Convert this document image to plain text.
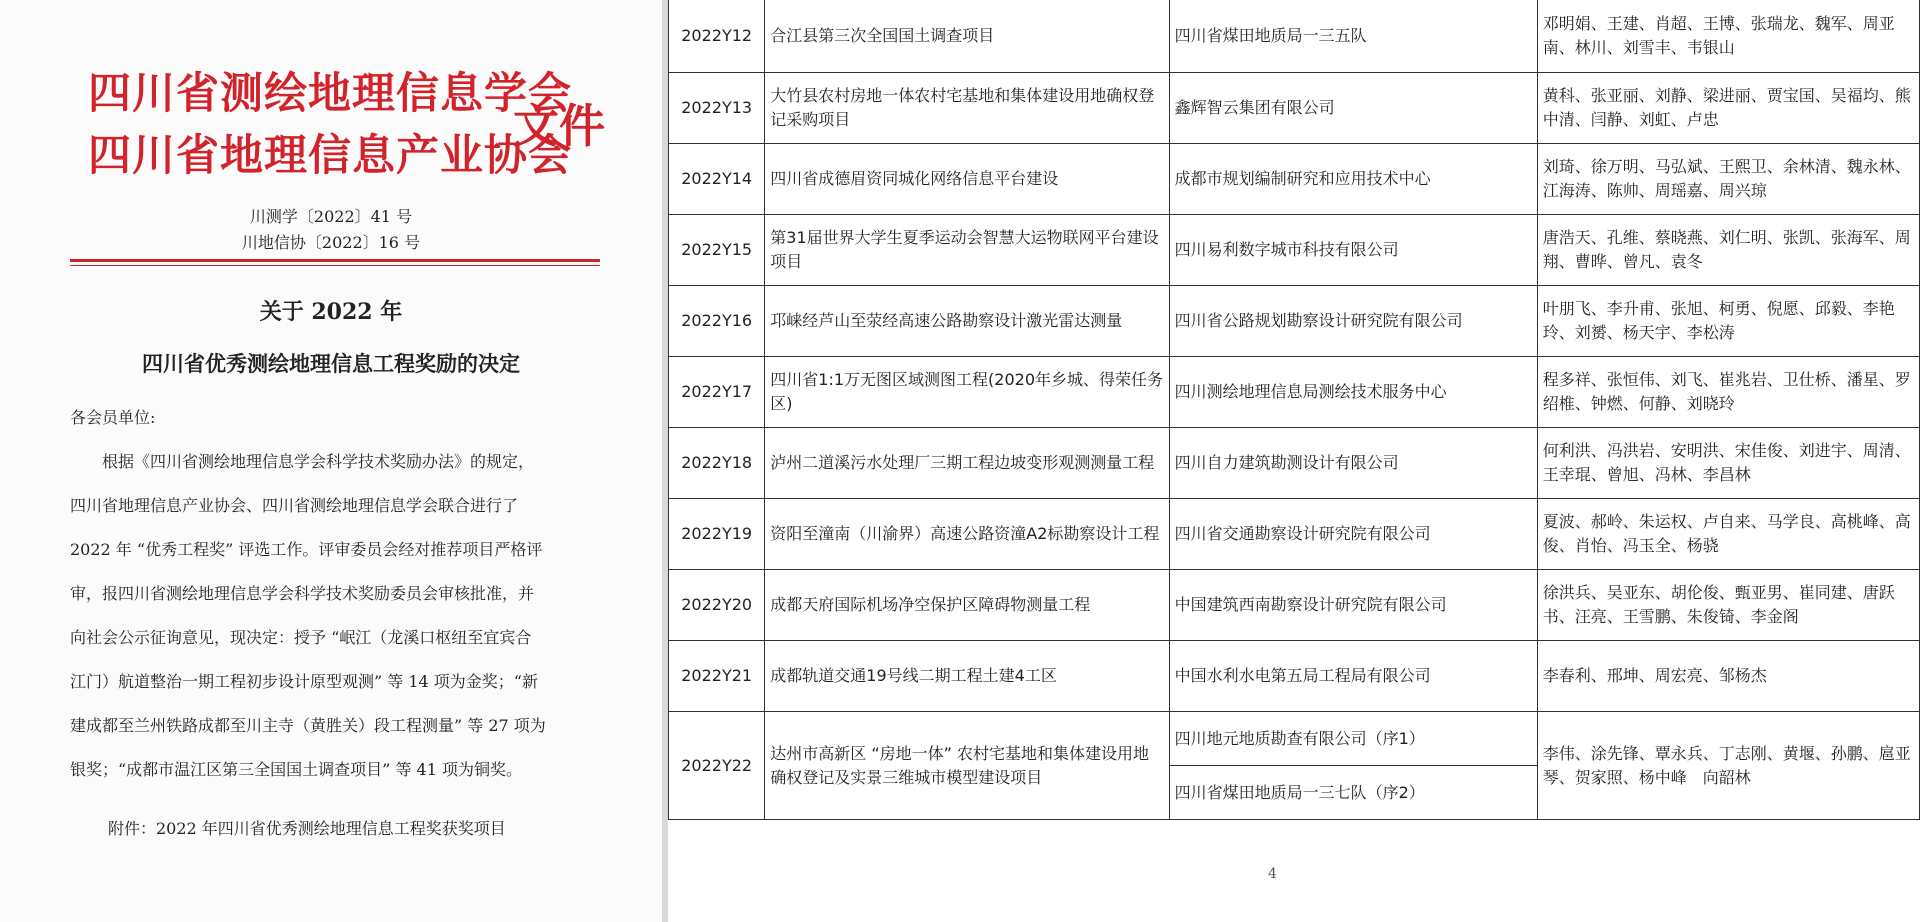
四川省测绘地理信息学会
四川省地理信息产业协会
文件
川测学〔2022〕41 号
川地信协〔2022〕16 号
关于 2022 年
四川省优秀测绘地理信息工程奖励的决定
各会员单位:
　　根据《四川省测绘地理信息学会科学技术奖励办法》的规定，
四川省地理信息产业协会、四川省测绘地理信息学会联合进行了
2022 年 “优秀工程奖” 评选工作。评审委员会经对推荐项目严格评
审，报四川省测绘地理信息学会科学技术奖励委员会审核批准，并
向社会公示征询意见，现决定：授予 “岷江（龙溪口枢纽至宜宾合
江门）航道整治一期工程初步设计原型观测” 等 14 项为金奖；“新
建成都至兰州铁路成都至川主寺（黄胜关）段工程测量” 等 27 项为
银奖；“成都市温江区第三全国国土调查项目” 等 41 项为铜奖。
附件：2022 年四川省优秀测绘地理信息工程奖获奖项目
2022Y12	合江县第三次全国国土调查项目	四川省煤田地质局一三五队	邓明娟、王建、肖超、王博、张瑞龙、魏军、周亚南、林川、刘雪丰、韦银山
2022Y13	大竹县农村房地一体农村宅基地和集体建设用地确权登记采购项目	鑫辉智云集团有限公司	黄科、张亚丽、刘静、梁进丽、贾宝国、吴福均、熊中清、闫静、刘虹、卢忠
2022Y14	四川省成德眉资同城化网络信息平台建设	成都市规划编制研究和应用技术中心	刘琦、徐万明、马弘斌、王熙卫、余林清、魏永林、江海涛、陈帅、周瑶嘉、周兴琼
2022Y15	第31届世界大学生夏季运动会智慧大运物联网平台建设项目	四川易利数字城市科技有限公司	唐浩天、孔维、蔡晓燕、刘仁明、张凯、张海军、周翔、曹晔、曾凡、袁冬
2022Y16	邛崃经芦山至荥经高速公路勘察设计激光雷达测量	四川省公路规划勘察设计研究院有限公司	叶朋飞、李升甫、张旭、柯勇、倪愿、邱毅、李艳玲、刘赟、杨天宇、李松涛
2022Y17	四川省1:1万无图区域测图工程(2020年乡城、得荣任务区)	四川测绘地理信息局测绘技术服务中心	程多祥、张恒伟、刘飞、崔兆岩、卫仕桥、潘星、罗绍椎、钟燃、何静、刘晓玲
2022Y18	泸州二道溪污水处理厂三期工程边坡变形观测测量工程	四川自力建筑勘测设计有限公司	何利洪、冯洪岩、安明洪、宋佳俊、刘进宇、周清、王幸琨、曾旭、冯林、李昌林
2022Y19	资阳至潼南（川渝界）高速公路资潼A2标勘察设计工程	四川省交通勘察设计研究院有限公司	夏波、郝岭、朱运权、卢自来、马学良、高桃峰、高俊、肖怡、冯玉全、杨骁
2022Y20	成都天府国际机场净空保护区障碍物测量工程	中国建筑西南勘察设计研究院有限公司	徐洪兵、吴亚东、胡伦俊、甄亚男、崔同建、唐跃书、汪亮、王雪鹏、朱俊锜、李金阁
2022Y21	成都轨道交通19号线二期工程土建4工区	中国水利水电第五局工程局有限公司	李春利、邢坤、周宏亮、邹杨杰
2022Y22	达州市高新区 “房地一体” 农村宅基地和集体建设用地确权登记及实景三维城市模型建设项目	四川地元地质勘查有限公司（序1）	李伟、涂先锋、覃永兵、丁志刚、黄堰、孙鹏、扈亚琴、贺家照、杨中峰　向韶林
		四川省煤田地质局一三七队（序2）	
4
